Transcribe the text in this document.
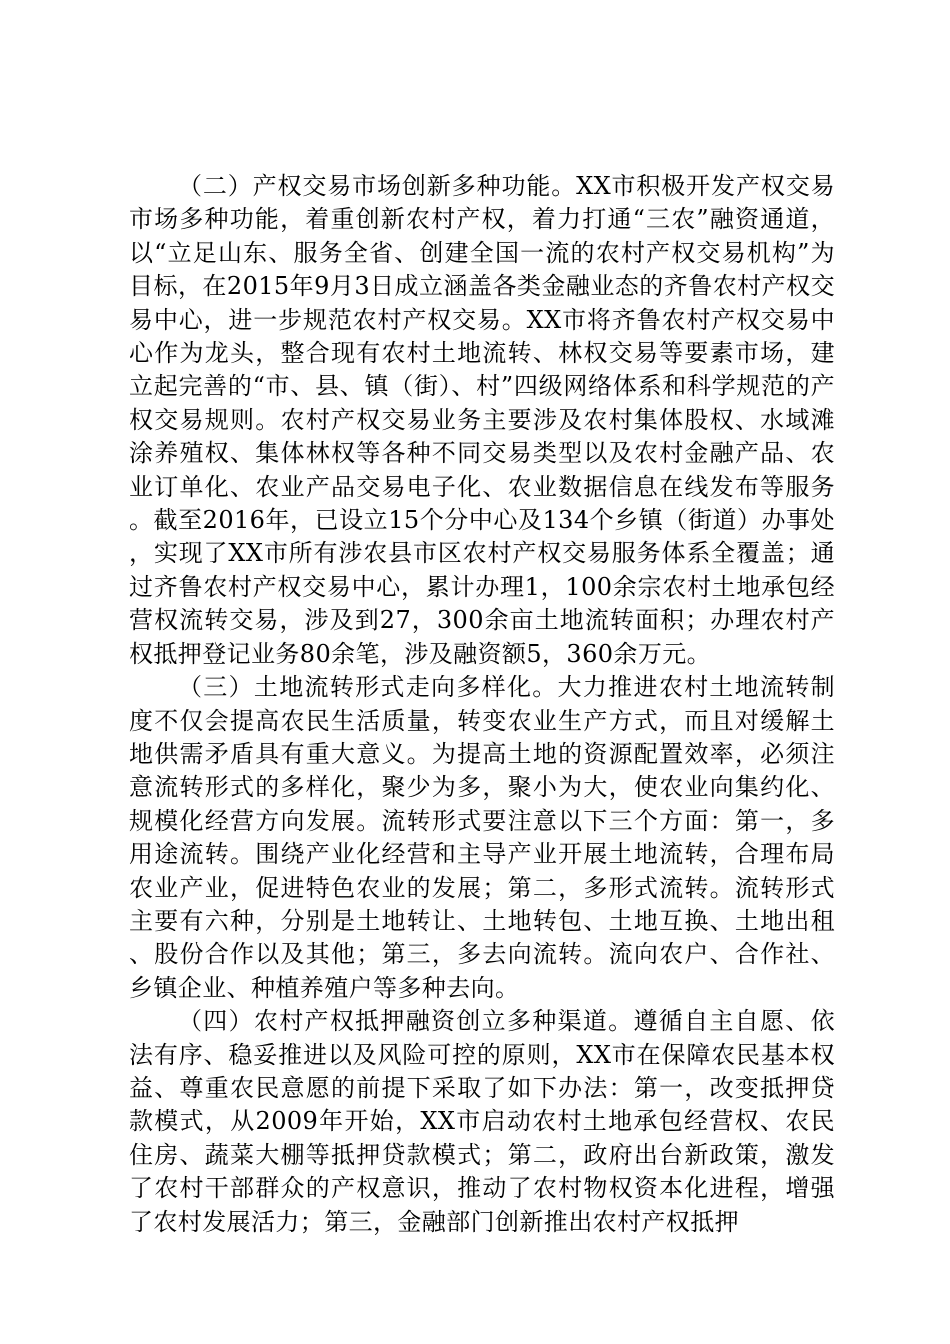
（二）产权交易市场创新多种功能。XX市积极开发产权交易市场多种功能，着重创新农村产权，着力打通“三农”融资通道，以“立足山东、服务全省、创建全国一流的农村产权交易机构”为目标，在2015年9月3日成立涵盖各类金融业态的齐鲁农村产权交易中心，进一步规范农村产权交易。XX市将齐鲁农村产权交易中心作为龙头，整合现有农村土地流转、林权交易等要素市场，建立起完善的“市、县、镇（街）、村”四级网络体系和科学规范的产权交易规则。农村产权交易业务主要涉及农村集体股权、水域滩涂养殖权、集体林权等各种不同交易类型以及农村金融产品、农业订单化、农业产品交易电子化、农业数据信息在线发布等服务。截至2016年，已设立15个分中心及134个乡镇（街道）办事处，实现了XX市所有涉农县市区农村产权交易服务体系全覆盖；通过齐鲁农村产权交易中心，累计办理1，100余宗农村土地承包经营权流转交易，涉及到27，300余亩土地流转面积；办理农村产权抵押登记业务80余笔，涉及融资额5，360余万元。

（三）土地流转形式走向多样化。大力推进农村土地流转制度不仅会提高农民生活质量，转变农业生产方式，而且对缓解土地供需矛盾具有重大意义。为提高土地的资源配置效率，必须注意流转形式的多样化，聚少为多，聚小为大，使农业向集约化、规模化经营方向发展。流转形式要注意以下三个方面：第一，多用途流转。围绕产业化经营和主导产业开展土地流转，合理布局农业产业，促进特色农业的发展；第二，多形式流转。流转形式主要有六种，分别是土地转让、土地转包、土地互换、土地出租、股份合作以及其他；第三，多去向流转。流向农户、合作社、乡镇企业、种植养殖户等多种去向。

（四）农村产权抵押融资创立多种渠道。遵循自主自愿、依法有序、稳妥推进以及风险可控的原则，XX市在保障农民基本权益、尊重农民意愿的前提下采取了如下办法：第一，改变抵押贷款模式，从2009年开始，XX市启动农村土地承包经营权、农民住房、蔬菜大棚等抵押贷款模式；第二，政府出台新政策，激发了农村干部群众的产权意识，推动了农村物权资本化进程，增强了农村发展活力；第三，金融部门创新推出农村产权抵押
